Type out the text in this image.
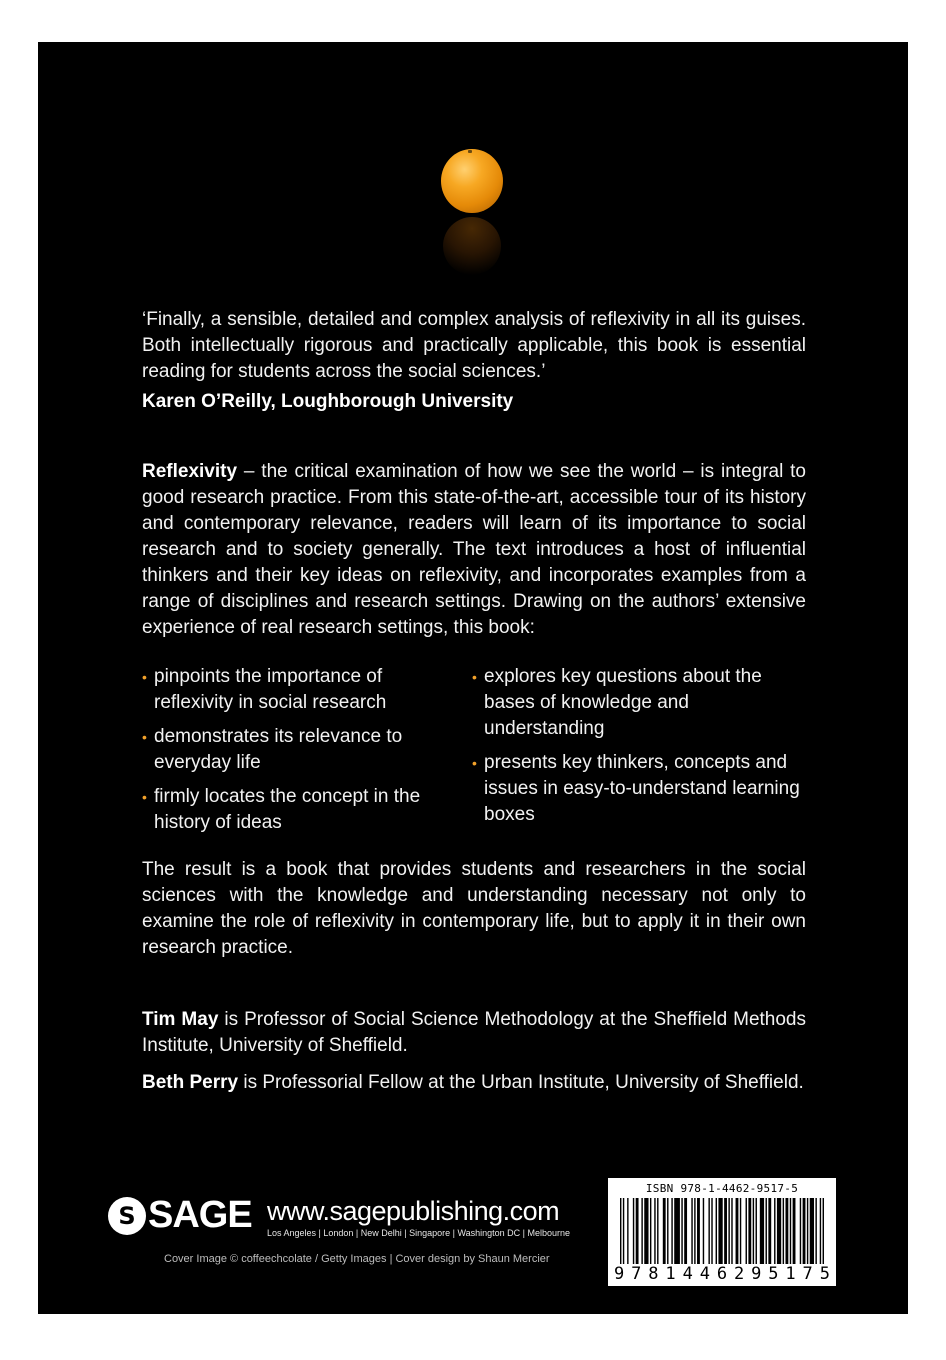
‘Finally, a sensible, detailed and complex analysis of reflexivity in all its guises. Both intellectually rigorous and practically applicable, this book is essential reading for students across the social sciences.’
Karen O’Reilly, Loughborough University
Reflexivity – the critical examination of how we see the world – is integral to good research practice. From this state-of-the-art, accessible tour of its history and contemporary relevance, readers will learn of its importance to social research and to society generally. The text introduces a host of influential thinkers and their key ideas on reflexivity, and incorporates examples from a range of disciplines and research settings. Drawing on the authors’ extensive experience of real research settings, this book:
• pinpoints the importance of reflexivity in social research
• demonstrates its relevance to everyday life
• firmly locates the concept in the history of ideas
• explores key questions about the bases of knowledge and understanding
• presents key thinkers, concepts and issues in easy-to-understand learning boxes
The result is a book that provides students and researchers in the social sciences with the knowledge and understanding necessary not only to examine the role of reflexivity in contemporary life, but to apply it in their own research practice.
Tim May is Professor of Social Science Methodology at the Sheffield Methods Institute, University of Sheffield.
Beth Perry is Professorial Fellow at the Urban Institute, University of Sheffield.
S SAGE www.sagepublishing.com
Los Angeles | London | New Delhi | Singapore | Washington DC | Melbourne
Cover Image © coffeechcolate / Getty Images | Cover design by Shaun Mercier
ISBN 978-1-4462-9517-5
9 7 8 1 4 4 6 2 9 5 1 7 5
